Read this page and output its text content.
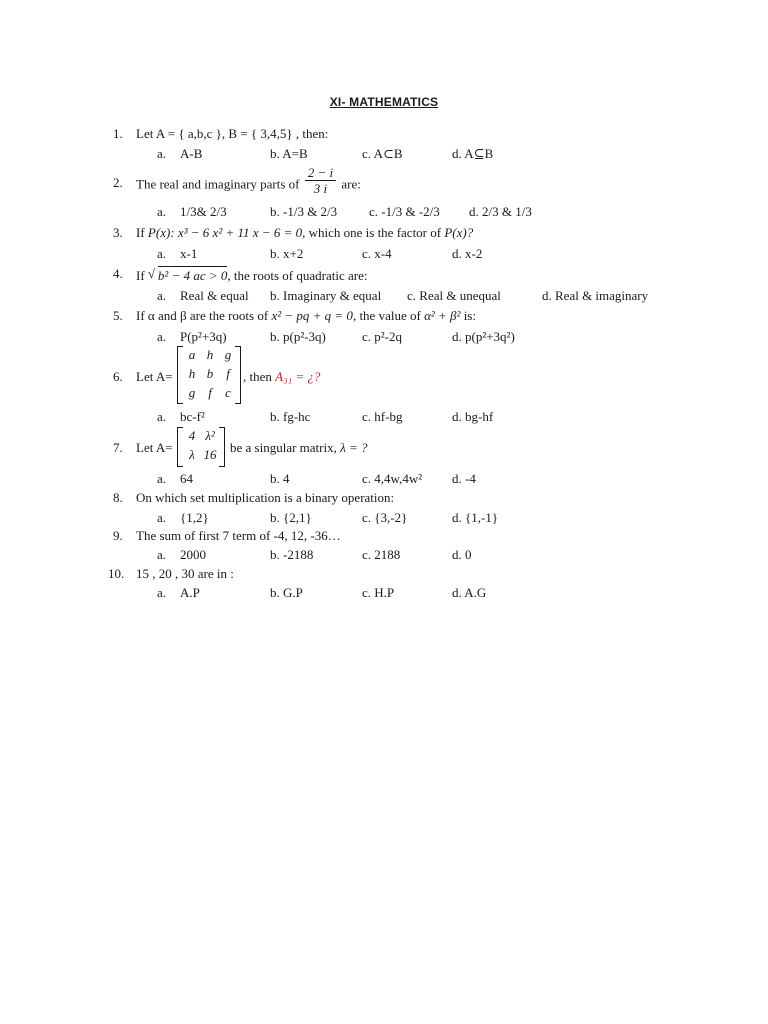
XI- MATHEMATICS
1. Let A = { a,b,c }, B = { 3,4,5} , then:
a. A-B	b. A=B	c. A⊂B	d. A⊆B
2. The real and imaginary parts of $\frac{2 - i}{3 i}$ are:
a. 1/3& 2/3	b. -1/3 & 2/3 c. -1/3 & -2/3 d. 2/3 & 1/3
3. If P(x): x³ − 6 x² + 11 x − 6 = 0, which one is the factor of P(x)?
a. x-1	b. x+2	c. x-4	d. x-2
4. If √ b² − 4 ac > 0, the roots of quadratic are:
a. Real & equal b. Imaginary & equal c. Real & unequal	d. Real & imaginary
5. If α and β are the roots of x² − pq + q = 0, the value of α² + β² is:
a. P(p²+3q)	b. p(p²-3q)	c. p²-2q	d. p(p²+3q²)
6. Let A=	, then A₃₁ = ¿?
a h g
h b f
g f	c
a. bc-f²	b. fg-hc	c. hf-bg	d. bg-hf
7. Let A=	be a singular matrix, λ = ?
4 λ²
λ 16
a. 64	b. 4	c. 4,4w,4w² d. -4
8. On which set multiplication is a binary operation:
a. {1,2}	b. {2,1}	c. {3,-2}	d. {1,-1}
9. The sum of first 7 term of -4, 12, -36…
a. 2000	b. -2188	c. 2188	d. 0
10. 15 , 20 , 30 are in :
a. A.P	b. G.P	c. H.P	d. A.G
